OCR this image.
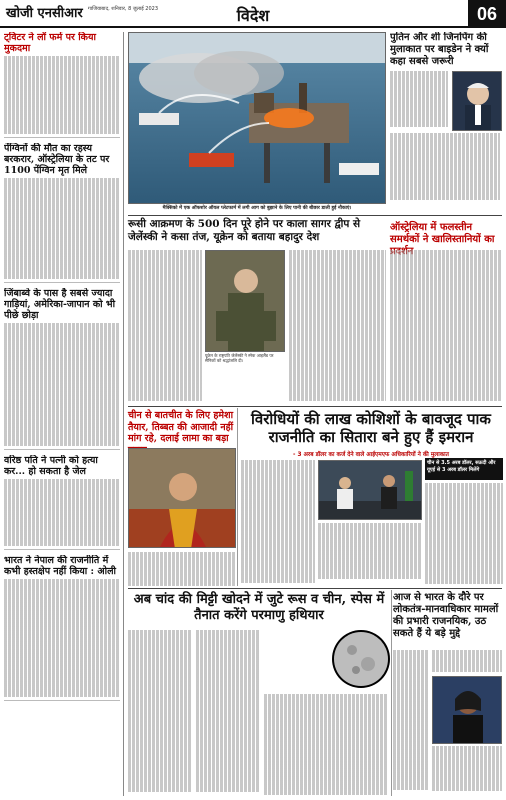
खोजी एनसीआर गाजियाबाद, शनिवार, 8 जुलाई 2023	विदेश	06
ट्विटर ने लॉ फर्म पर किया मुकदमा
पेंग्विनों की मौत का रहस्य बरकरार, ऑस्ट्रेलिया के तट पर 1100 पेंग्विन मृत मिले
जिंबाब्वे के पास है सबसे ज्यादा गाड़ियां, अमेरिका-जापान को भी पीछे छोड़ा
वरिष्ठ पति ने पत्नी को हत्या कर... हो सकता है जेल
भारत ने नेपाल की राजनीति में कभी हस्तक्षेप नहीं किया : ओली
मैक्सिको में एक ऑफशोर ऑयल प्लेटफार्म में लगी आग को बुझाने के लिए पानी की बौछार डाली हुई नौकाएं।
पुतिन और शी जिनपिंग की मुलाकात पर बाइडेन ने क्यों कहा सबसे जरूरी
रूसी आक्रमण के 500 दिन पूरे होने पर काला सागर द्वीप से जेलेंस्की ने कसा तंज, यूक्रेन को बताया बहादुर देश
यूक्रेन के राष्ट्रपति जेलेंस्की ने स्नेक आइलैंड पर सैनिकों को श्रद्धांजलि दी।
ऑस्ट्रेलिया में फलस्तीन समर्थकों ने खालिस्तानियों का
चीन से बातचीत के लिए हमेशा तैयार, तिब्बत की आजादी नहीं मांग रहे, दलाई लामा का बड़ा
विरोधियों की लाख कोशिशों के बावजूद पाक राजनीति का सितारा बने हुए हैं इमरान
- 3 अरब डॉलर का कर्ज देने वाले आईएमएफ अधिकारियों ने की मुलाकात
चीन से 3.5 अरब डॉलर, सऊदी और यूएई से 3 अरब डॉलर मिलेंगे
अब चांद की मिट्टी खोदने में जुटे रूस व चीन, स्पेस में तैनात करेंगे परमाणु हथियार
आज से भारत के दौरे पर लोकतंत्र-मानवाधिकार मामलों की प्रभारी राजनयिक, उठ सकते हैं ये बड़े मुद्दे
